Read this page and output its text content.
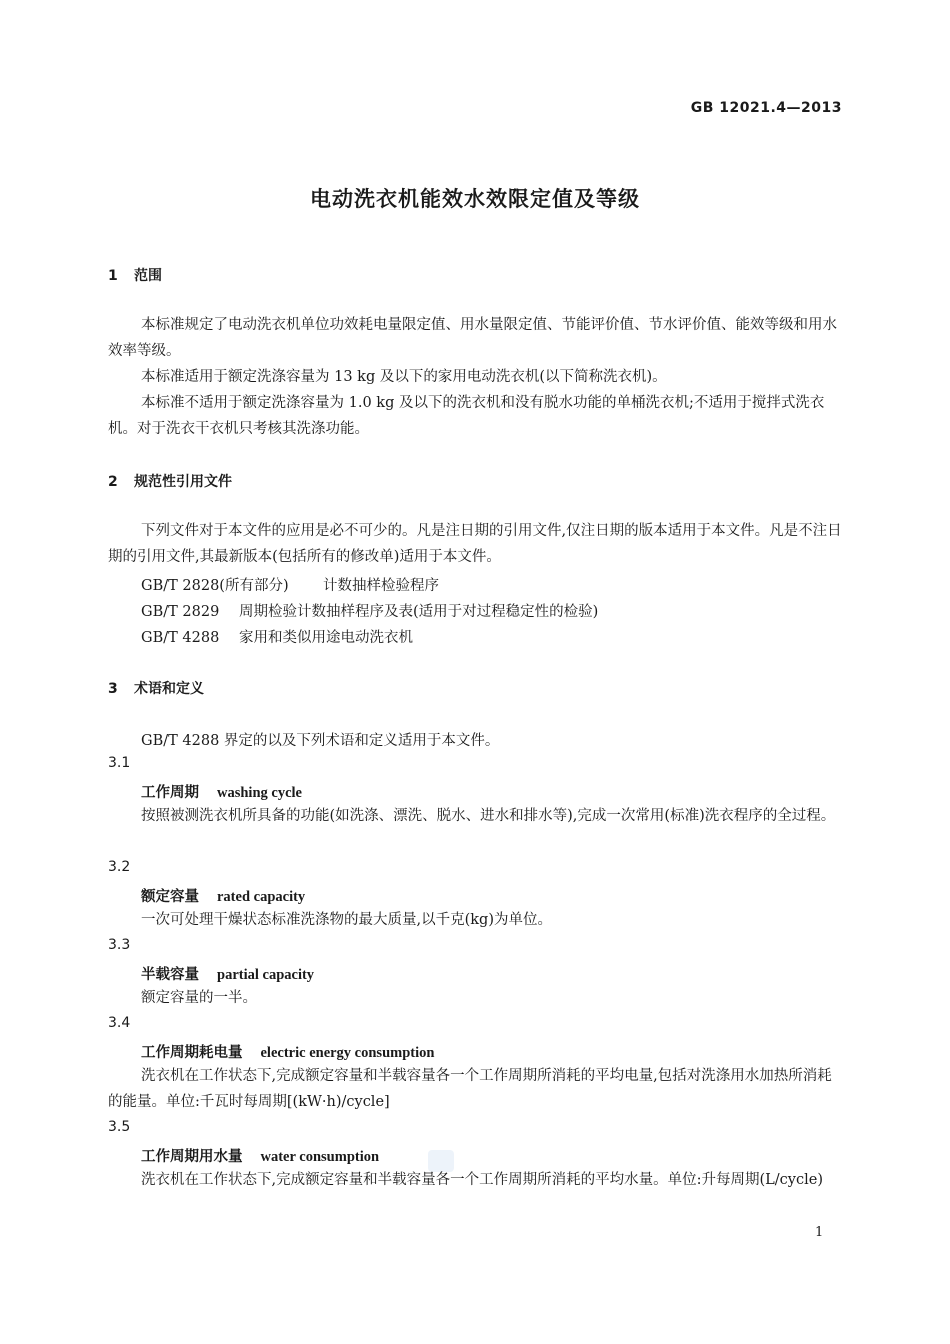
GB 12021.4—2013
电动洗衣机能效水效限定值及等级
1 范围
本标准规定了电动洗衣机单位功效耗电量限定值、用水量限定值、节能评价值、节水评价值、能效等级和用水效率等级。
本标准适用于额定洗涤容量为 13 kg 及以下的家用电动洗衣机(以下简称洗衣机)。
本标准不适用于额定洗涤容量为 1.0 kg 及以下的洗衣机和没有脱水功能的单桶洗衣机;不适用于搅拌式洗衣机。对于洗衣干衣机只考核其洗涤功能。
2 规范性引用文件
下列文件对于本文件的应用是必不可少的。凡是注日期的引用文件,仅注日期的版本适用于本文件。凡是不注日期的引用文件,其最新版本(包括所有的修改单)适用于本文件。
GB/T 2828(所有部分) 计数抽样检验程序
GB/T 2829 周期检验计数抽样程序及表(适用于对过程稳定性的检验)
GB/T 4288 家用和类似用途电动洗衣机
3 术语和定义
GB/T 4288 界定的以及下列术语和定义适用于本文件。
3.1
工作周期 washing cycle
按照被测洗衣机所具备的功能(如洗涤、漂洗、脱水、进水和排水等),完成一次常用(标准)洗衣程序的全过程。
3.2
额定容量 rated capacity
一次可处理干燥状态标准洗涤物的最大质量,以千克(kg)为单位。
3.3
半载容量 partial capacity
额定容量的一半。
3.4
工作周期耗电量 electric energy consumption
洗衣机在工作状态下,完成额定容量和半载容量各一个工作周期所消耗的平均电量,包括对洗涤用水加热所消耗的能量。单位:千瓦时每周期[(kW·h)/cycle]
3.5
工作周期用水量 water consumption
洗衣机在工作状态下,完成额定容量和半载容量各一个工作周期所消耗的平均水量。单位:升每周期(L/cycle)
1
